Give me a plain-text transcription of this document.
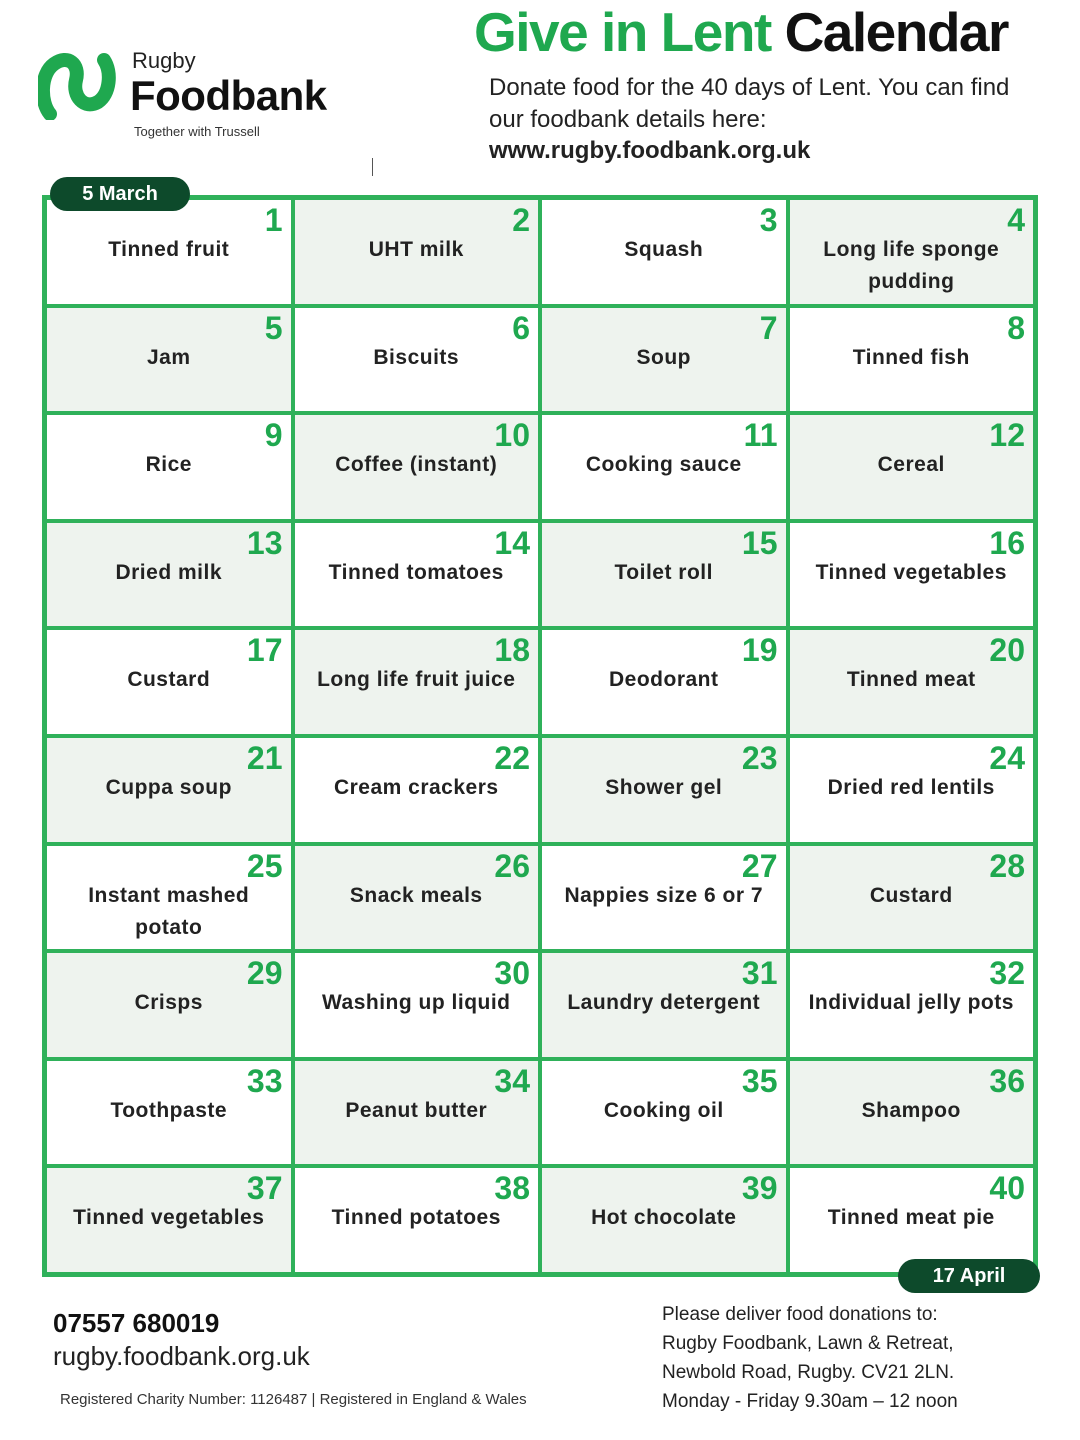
Rugby
Foodbank
Together with Trussell
Give in Lent Calendar
Donate food for the 40 days of Lent. You can find our foodbank details here:
www.rugby.foodbank.org.uk
1
Tinned fruit
2
UHT milk
3
Squash
4
Long life sponge pudding
5
Jam
6
Biscuits
7
Soup
8
Tinned fish
9
Rice
10
Coffee (instant)
11
Cooking sauce
12
Cereal
13
Dried milk
14
Tinned tomatoes
15
Toilet roll
16
Tinned vegetables
17
Custard
18
Long life fruit juice
19
Deodorant
20
Tinned meat
21
Cuppa soup
22
Cream crackers
23
Shower gel
24
Dried red lentils
25
Instant mashed potato
26
Snack meals
27
Nappies size 6 or 7
28
Custard
29
Crisps
30
Washing up liquid
31
Laundry detergent
32
Individual jelly pots
33
Toothpaste
34
Peanut butter
35
Cooking oil
36
Shampoo
37
Tinned vegetables
38
Tinned potatoes
39
Hot chocolate
40
Tinned meat pie
5 March
17 April
07557 680019
rugby.foodbank.org.uk
Registered Charity Number: 1126487 | Registered in England & Wales
Please deliver food donations to:
Rugby Foodbank, Lawn & Retreat,
Newbold Road, Rugby. CV21 2LN.
Monday - Friday 9.30am – 12 noon
